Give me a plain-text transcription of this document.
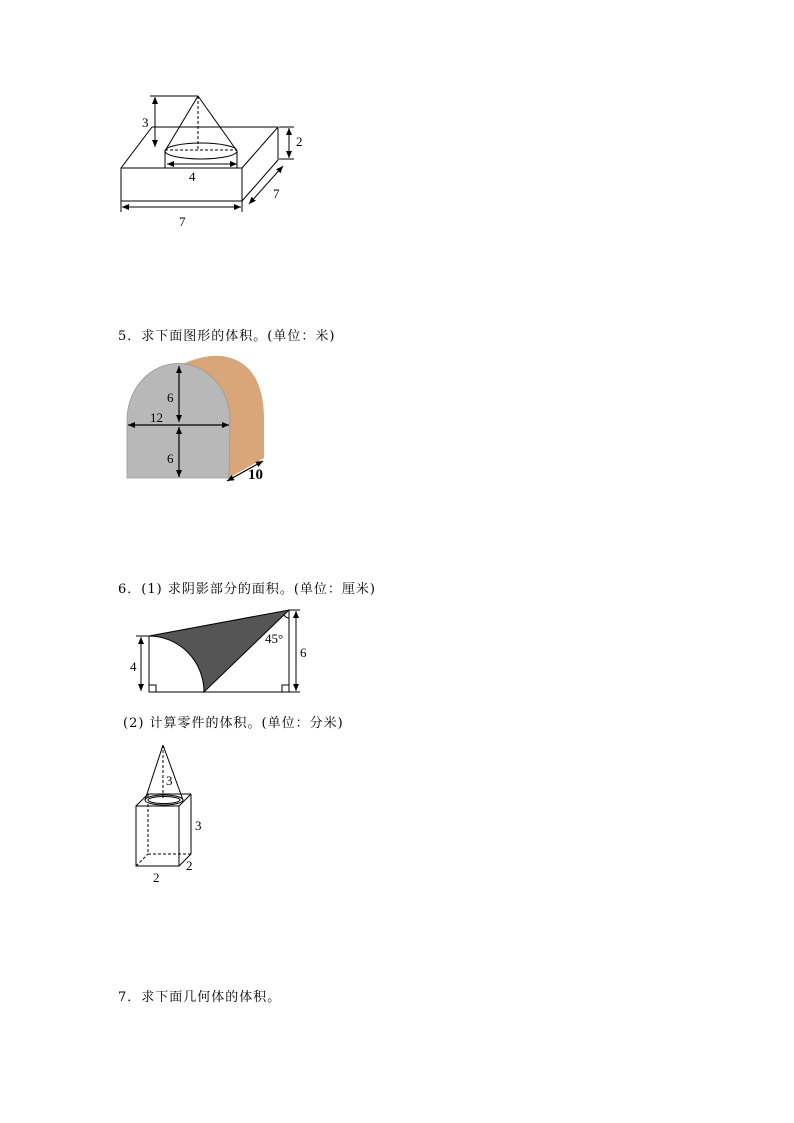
3
4
2
7
7
5．求下面图形的体积。(单位：米)
6
12
6
10
6．(1) 求阴影部分的面积。(单位：厘米)
4
6
45°
(2) 计算零件的体积。(单位：分米)
3
3
2
2
7．求下面几何体的体积。
